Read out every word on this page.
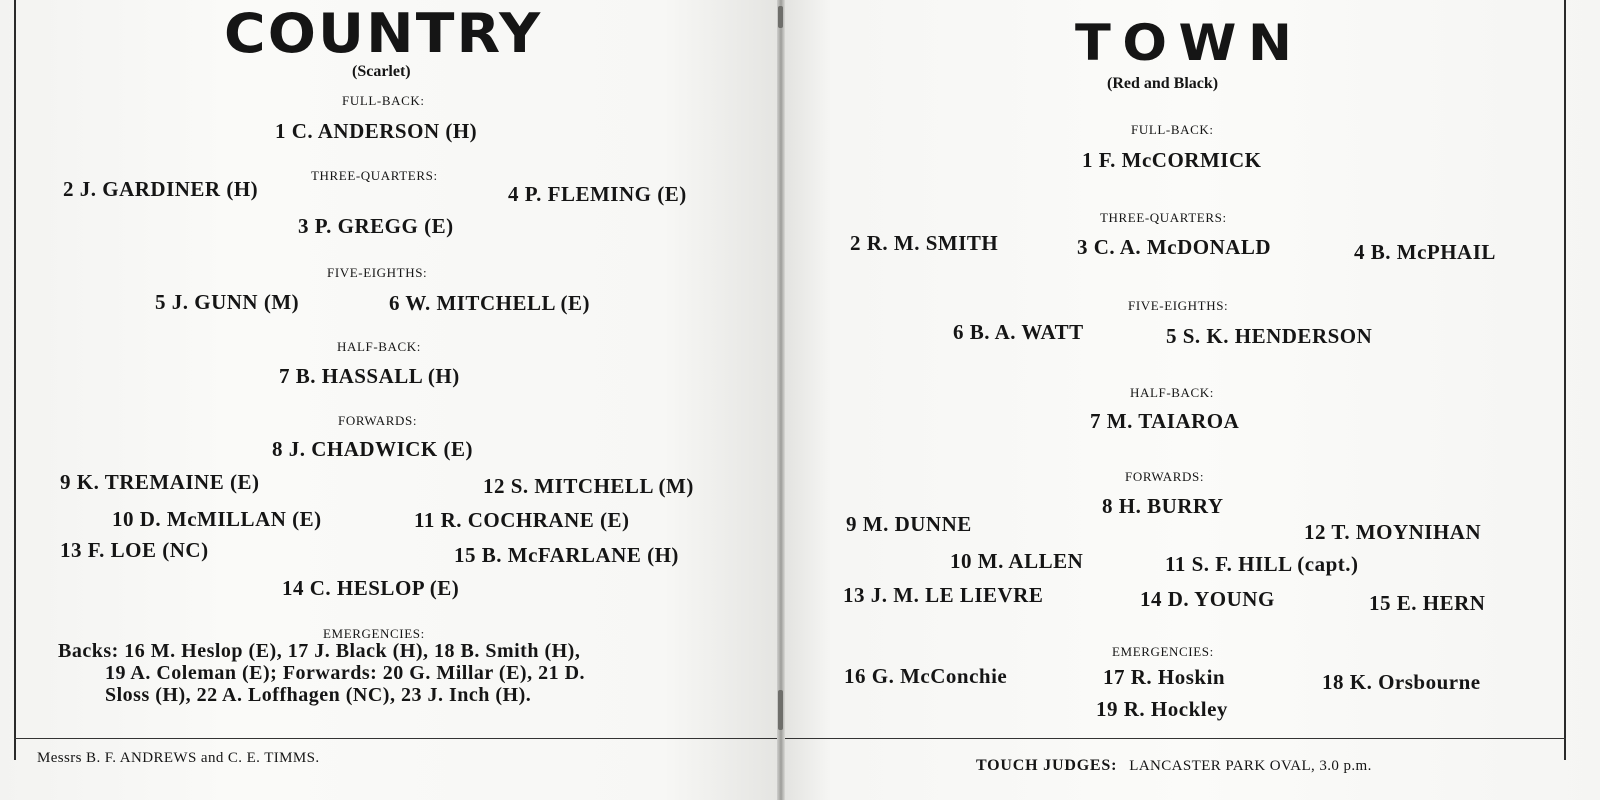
COUNTRY
(Scarlet)
FULL-BACK:
1 C. ANDERSON (H)
THREE-QUARTERS:
2 J. GARDINER (H)	4 P. FLEMING (E)
3 P. GREGG (E)
FIVE-EIGHTHS:
5 J. GUNN (M)	6 W. MITCHELL (E)
HALF-BACK:
7 B. HASSALL (H)
FORWARDS:
8 J. CHADWICK (E)
9 K. TREMAINE (E)	12 S. MITCHELL (M)
10 D. McMILLAN (E)	11 R. COCHRANE (E)
13 F. LOE (NC)	15 B. McFARLANE (H)
14 C. HESLOP (E)
EMERGENCIES:
Backs: 16 M. Heslop (E), 17 J. Black (H), 18 B. Smith (H),
19 A. Coleman (E); Forwards: 20 G. Millar (E), 21 D.
Sloss (H), 22 A. Loffhagen (NC), 23 J. Inch (H).
Messrs B. F. ANDREWS and C. E. TIMMS.
TOWN
(Red and Black)
FULL-BACK:
1 F. McCORMICK
THREE-QUARTERS:
2 R. M. SMITH	3 C. A. McDONALD	4 B. McPHAIL
FIVE-EIGHTHS:
6 B. A. WATT	5 S. K. HENDERSON
HALF-BACK:
7 M. TAIAROA
FORWARDS:
8 H. BURRY
9 M. DUNNE	12 T. MOYNIHAN
10 M. ALLEN	11 S. F. HILL (capt.)
13 J. M. LE LIEVRE	14 D. YOUNG	15 E. HERN
EMERGENCIES:
16 G. McConchie	17 R. Hoskin	18 K. Orsbourne
19 R. Hockley
TOUCH JUDGES: LANCASTER PARK OVAL, 3.0 p.m.
